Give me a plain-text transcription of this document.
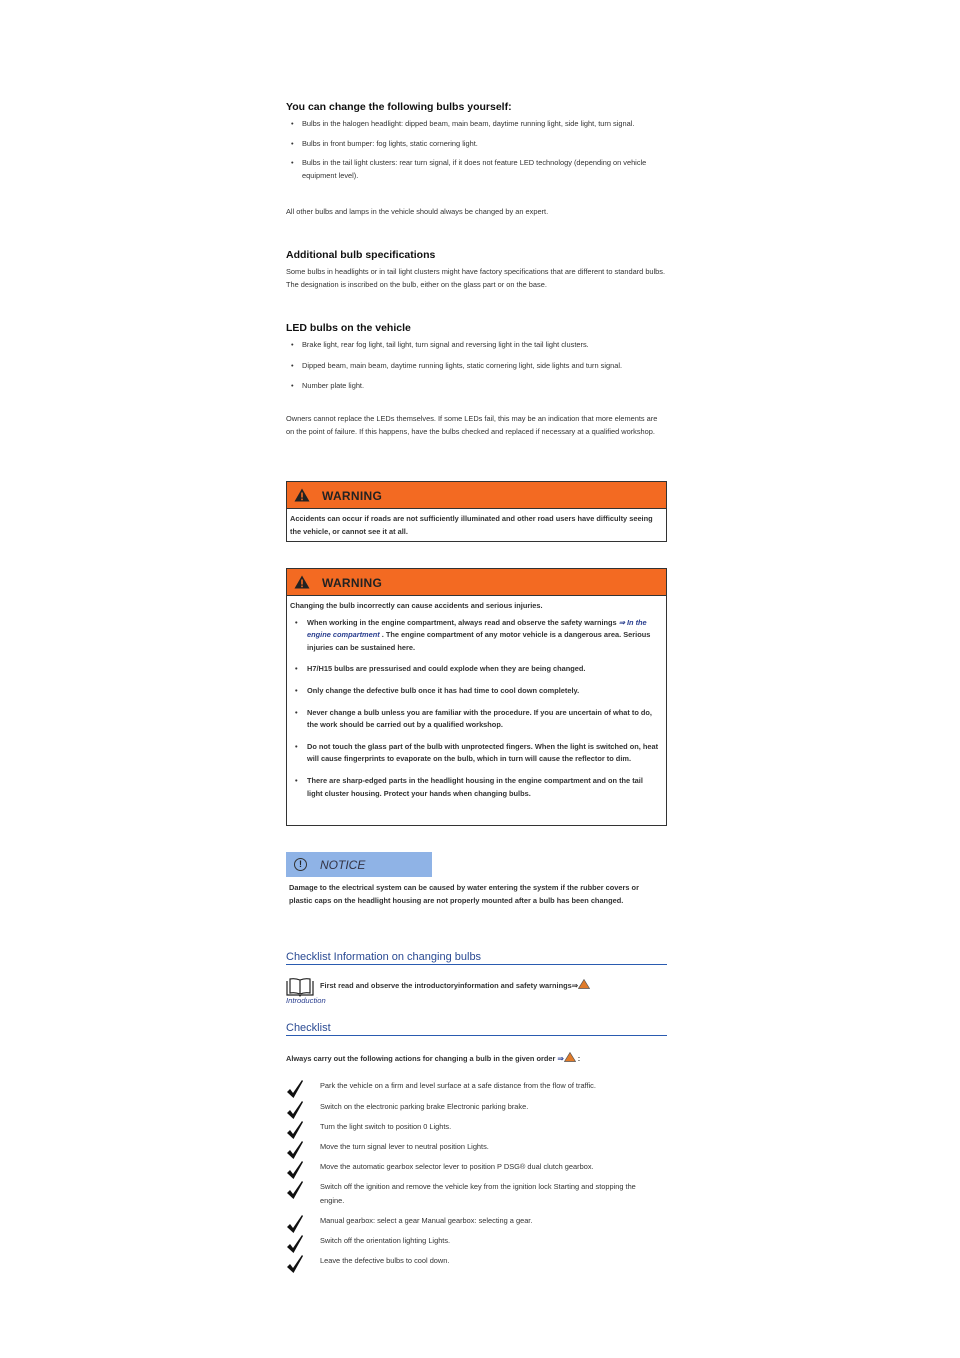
You can change the following bulbs yourself:
• Bulbs in the halogen headlight: dipped beam, main beam, daytime running light, side light, turn signal.
• Bulbs in front bumper: fog lights, static cornering light.
• Bulbs in the tail light clusters: rear turn signal, if it does not feature LED technology (depending on vehicle equipment level).
All other bulbs and lamps in the vehicle should always be changed by an expert.
Additional bulb specifications
Some bulbs in headlights or in tail light clusters might have factory specifications that are different to standard bulbs. The designation is inscribed on the bulb, either on the glass part or on the base.
LED bulbs on the vehicle
• Brake light, rear fog light, tail light, turn signal and reversing light in the tail light clusters.
• Dipped beam, main beam, daytime running lights, static cornering light, side lights and turn signal.
• Number plate light.
Owners cannot replace the LEDs themselves. If some LEDs fail, this may be an indication that more elements are on the point of failure. If this happens, have the bulbs checked and replaced if necessary at a qualified workshop.
WARNING
Accidents can occur if roads are not sufficiently illuminated and other road users have difficulty seeing the vehicle, or cannot see it at all.
WARNING
Changing the bulb incorrectly can cause accidents and serious injuries.
• When working in the engine compartment, always read and observe the safety warnings ⇒ In the engine compartment . The engine compartment of any motor vehicle is a dangerous area. Serious injuries can be sustained here.
• H7/H15 bulbs are pressurised and could explode when they are being changed.
• Only change the defective bulb once it has had time to cool down completely.
• Never change a bulb unless you are familiar with the procedure. If you are uncertain of what to do, the work should be carried out by a qualified workshop.
• Do not touch the glass part of the bulb with unprotected fingers. When the light is switched on, heat will cause fingerprints to evaporate on the bulb, which in turn will cause the reflector to dim.
• There are sharp-edged parts in the headlight housing in the engine compartment and on the tail light cluster housing. Protect your hands when changing bulbs.
!	NOTICE
Damage to the electrical system can be caused by water entering the system if the rubber covers or plastic caps on the headlight housing are not properly mounted after a bulb has been changed.
Checklist Information on changing bulbs
First read and observe the introductoryinformation and safety warnings⇒
Introduction
Checklist
Always carry out the following actions for changing a bulb in the given order ⇒ :
Park the vehicle on a firm and level surface at a safe distance from the flow of traffic.
Switch on the electronic parking brake Electronic parking brake.
Turn the light switch to position 0 Lights.
Move the turn signal lever to neutral position Lights.
Move the automatic gearbox selector lever to position P DSG® dual clutch gearbox.
Switch off the ignition and remove the vehicle key from the ignition lock Starting and stopping the engine.
Manual gearbox: select a gear Manual gearbox: selecting a gear.
Switch off the orientation lighting Lights.
Leave the defective bulbs to cool down.
